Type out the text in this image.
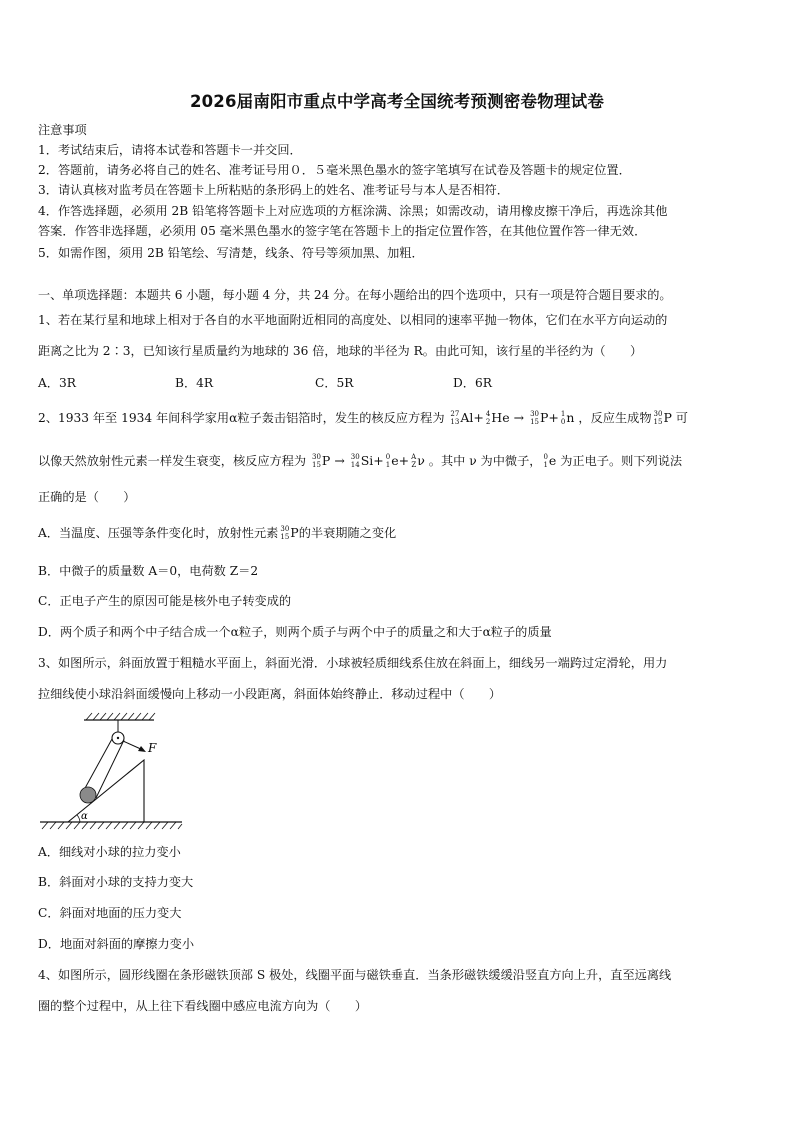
2026届南阳市重点中学高考全国统考预测密卷物理试卷
注意事项
1．考试结束后，请将本试卷和答题卡一并交回．
2．答题前，请务必将自己的姓名、准考证号用０．５毫米黑色墨水的签字笔填写在试卷及答题卡的规定位置．
3．请认真核对监考员在答题卡上所粘贴的条形码上的姓名、准考证号与本人是否相符．
4．作答选择题，必须用 2B 铅笔将答题卡上对应选项的方框涂满、涂黑；如需改动，请用橡皮擦干净后，再选涂其他
答案．作答非选择题，必须用 05 毫米黑色墨水的签字笔在答题卡上的指定位置作答，在其他位置作答一律无效．
5．如需作图，须用 2B 铅笔绘、写清楚，线条、符号等须加黑、加粗．
一、单项选择题：本题共 6 小题，每小题 4 分，共 24 分。在每小题给出的四个选项中，只有一项是符合题目要求的。
1、若在某行星和地球上相对于各自的水平地面附近相同的高度处、以相同的速率平抛一物体，它们在水平方向运动的
距离之比为 2∶3，已知该行星质量约为地球的 36 倍，地球的半径为 R。由此可知，该行星的半径约为（　　）
A．3R	B．4R	C．5R	D．6R
2、1933 年至 1934 年间科学家用α粒子轰击铝箔时，发生的核反应方程为 27
13 Al+ 4
2 He → 30
15 P+ 1
0 n ，反应生成物 30
15 P 可
以像天然放射性元素一样发生衰变，核反应方程为 30
15 P → 30
14 Si+ 0
1 e+ A
Z ν 。其中 ν 为中微子， 0
1 e 为正电子。则下列说法
正确的是（　　）
A．当温度、压强等条件变化时，放射性元素 30
15 P的半衰期随之变化
B．中微子的质量数 A＝0，电荷数 Z＝2
C．正电子产生的原因可能是核外电子转变成的
D．两个质子和两个中子结合成一个α粒子，则两个质子与两个中子的质量之和大于α粒子的质量
3、如图所示，斜面放置于粗糙水平面上，斜面光滑．小球被轻质细线系住放在斜面上，细线另一端跨过定滑轮，用力
拉细线使小球沿斜面缓慢向上移动一小段距离，斜面体始终静止．移动过程中（　　）
F
α
A．细线对小球的拉力变小
B．斜面对小球的支持力变大
C．斜面对地面的压力变大
D．地面对斜面的摩擦力变小
4、如图所示，圆形线圈在条形磁铁顶部 S 极处，线圈平面与磁铁垂直．当条形磁铁缓缓沿竖直方向上升，直至远离线
圈的整个过程中，从上往下看线圈中感应电流方向为（　　）
